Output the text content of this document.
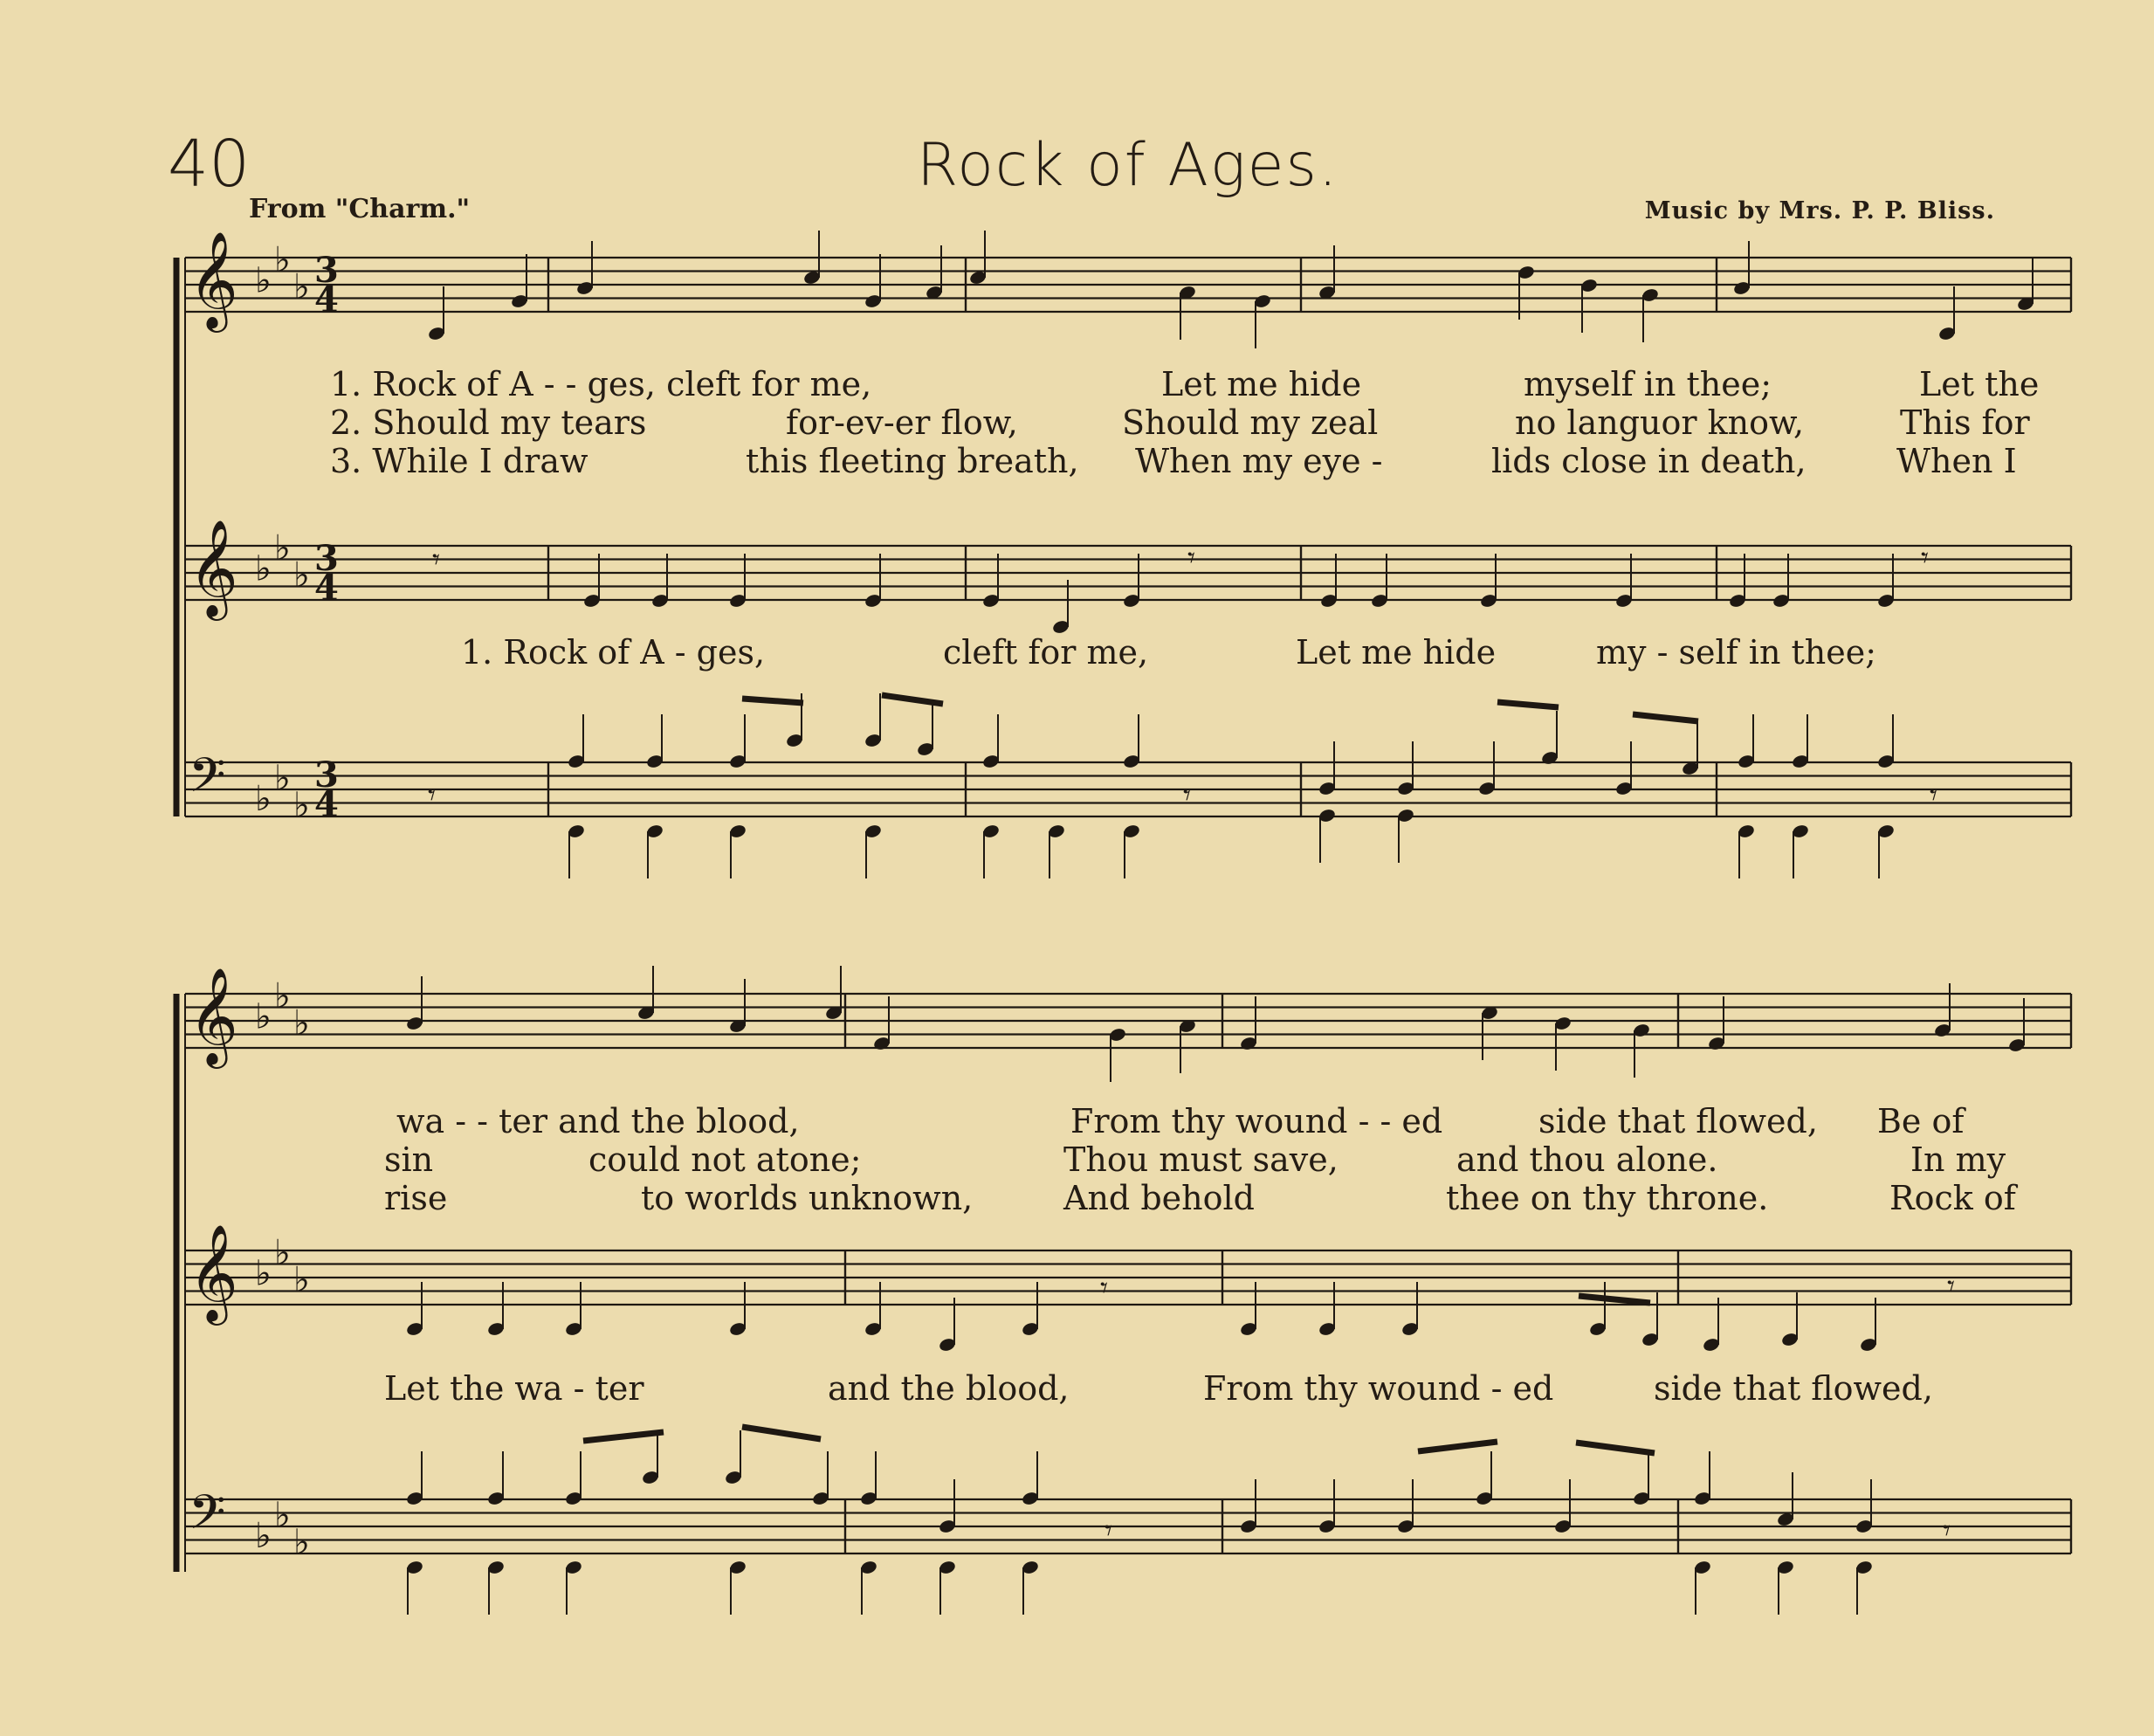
40	Rock of Ages.
From "Charm."	Music by Mrs. P. P. Bliss.
𝄞 ♭
♭
♭ 3
4
𝄞 ♭
♭
♭ 3
4
𝄢 ♭
♭
♭
3
4
𝄞 ♭
♭
♭
𝄞 ♭
♭
♭
𝄢 ♭
♭
♭
𝄾	𝄾	𝄾
𝄾	𝄾	𝄾
𝄾	𝄾
𝄾	𝄾
1. Rock of A - - ges, cleft for me,	Let me hide	myself in thee;	Let the
2. Should my tears	for-ev-er flow,	Should my zeal	no languor know,	This for
3. While I draw	this fleeting breath, When my eye -	lids close in death,	When I
1. Rock of A - ges,	cleft for me,	Let me hide	my - self in thee;
wa - - ter and the blood,	From thy wound - - ed	side that flowed, Be of
sin	could not atone;	Thou must save,	and thou alone.	In my
rise	to worlds unknown,	And behold	thee on thy throne.	Rock of
Let the wa - ter	and the blood,	From thy wound - ed	side that flowed,
